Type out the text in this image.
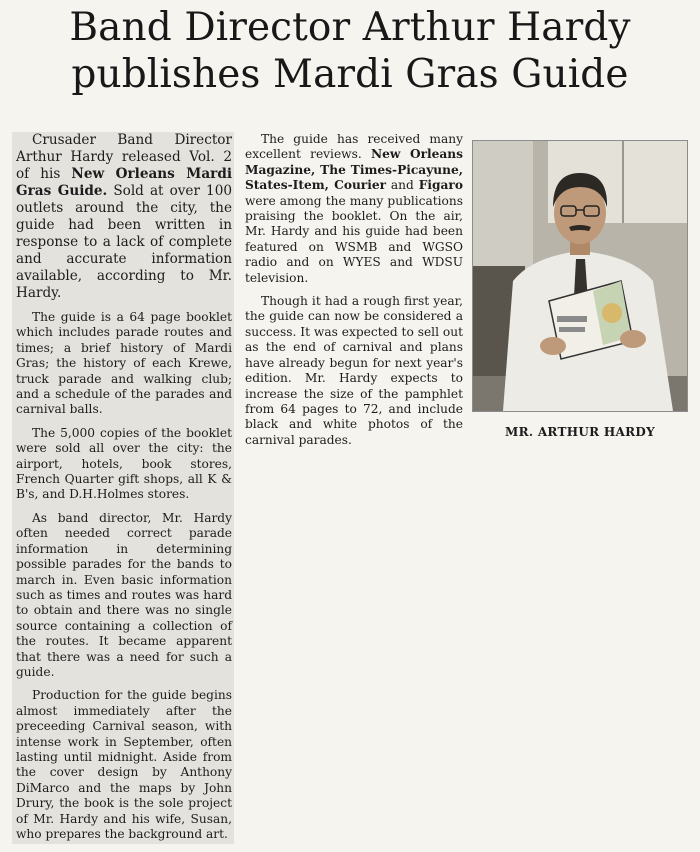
Band Director Arthur Hardy
publishes Mardi Gras Guide

Crusader Band Director Arthur Hardy released Vol. 2 of his New Orleans Mardi Gras Guide. Sold at over 100 outlets around the city, the guide had been written in response to a lack of complete and accurate information available, according to Mr. Hardy.

The guide is a 64 page booklet which includes parade routes and times; a brief history of Mardi Gras; the history of each Krewe, truck parade and walking club; and a schedule of the parades and carnival balls.

The 5,000 copies of the booklet were sold all over the city: the airport, hotels, book stores, French Quarter gift shops, all K & B's, and D.H.Holmes stores.

As band director, Mr. Hardy often needed correct parade information in determining possible parades for the bands to march in. Even basic information such as times and routes was hard to obtain and there was no single source containing a collection of the routes. It became apparent that there was a need for such a guide.

Production for the guide begins almost immediately after the preceeding Carnival season, with intense work in September, often lasting until midnight. Aside from the cover design by Anthony DiMarco and the maps by John Drury, the book is the sole project of Mr. Hardy and his wife, Susan, who prepares the background art.

The guide has received many excellent reviews. New Orleans Magazine, The Times-Picayune, States-Item, Courier and Figaro were among the many publications praising the booklet. On the air, Mr. Hardy and his guide had been featured on WSMB and WGSO radio and on WYES and WDSU television.

Though it had a rough first year, the guide can now be considered a success. It was expected to sell out as the end of carnival and plans have already begun for next year's edition. Mr. Hardy expects to increase the size of the pamphlet from 64 pages to 72, and include black and white photos of the carnival parades.

MR. ARTHUR HARDY
